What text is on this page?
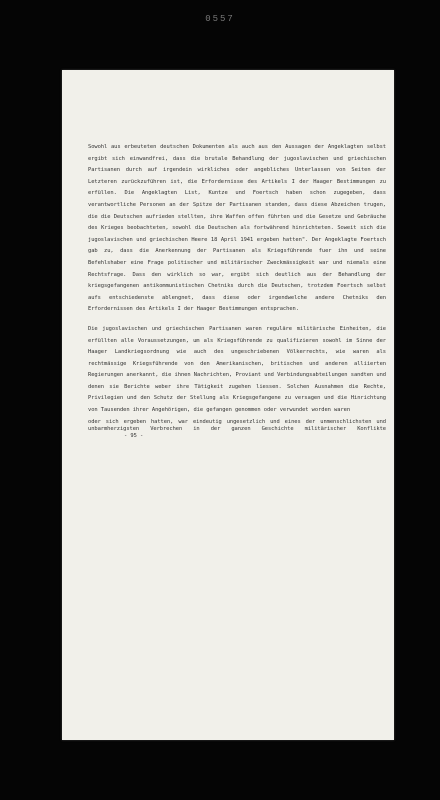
0557

Sowohl aus erbeuteten deutschen Dokumenten als auch aus den Aussagen der Angeklagten selbst ergibt sich einwandfrei, dass die brutale Behandlung der jugoslavischen und griechischen Partisanen durch auf irgendein wirkliches oder angebliches Unterlassen von Seiten der Letzteren zurückzuführen ist, die Erfordernisse des Artikels I der Haager Bestimmungen zu erfüllen. Die Angeklagten List, Kuntze und Foertsch haben schon zugegeben, dass verantwortliche Personen an der Spitze der Partisanen standen, dass diese Abzeichen trugen, die die Deutschen aufrieden stellten, ihre Waffen offen führten und die Gesetze und Gebräuche des Krieges beobachteten, sowohl die Deutschen als fortwährend hinrichteten. Soweit sich die jugoslavischen und griechischen Heere 18 April 1941 ergeben hatten". Der Angeklagte Foertsch gab zu, dass die Anerkennung der Partisanen als Kriegsführende fuer ihn und seine Befehlshaber eine Frage politischer und militärischer Zweckmässigkeit war und niemals eine Rechtsfrage. Dass den wirklich so war, ergibt sich deutlich aus der Behandlung der kriegsgefangenen antikommunistischen Chetniks durch die Deutschen, trotzdem Foertsch selbst aufs entschiedenste ablengnet, dass diese oder irgendwelche andere Chetniks den Erfordernissen des Artikels I der Haager Bestimmungen entsprachen.

Die jugoslavischen und griechischen Partisanen waren reguläre militärische Einheiten, die erfüllten alle Voraussetzungen, um als Kriegsführende zu qualifizieren sowohl im Sinne der Haager Landkriegsordnung wie auch des ungeschriebenen Völkerrechts, wie waren als rechtmässige Kriegsführende von den Amerikanischen, britischen und anderen alliierten Regierungen anerkannt, die ihnen Nachrichten, Proviant und Verbindungsabteilungen sandten und denen sie Berichte weber ihre Tätigkeit zugehen liessen. Solchen Ausnahmen die Rechte, Privilegien und den Schutz der Stellung als Kriegsgefangene zu versagen und die Hinrichtung von Tausenden ihrer Angehörigen, die gefangen genommen oder verwundet worden waren

oder sich ergeben hatten, war eindeutig ungesetzlich und eines der unmenschlichsten und unbarmherzigsten Verbrechen in der ganzen Geschichte militärischer Konflikte- 95 -
